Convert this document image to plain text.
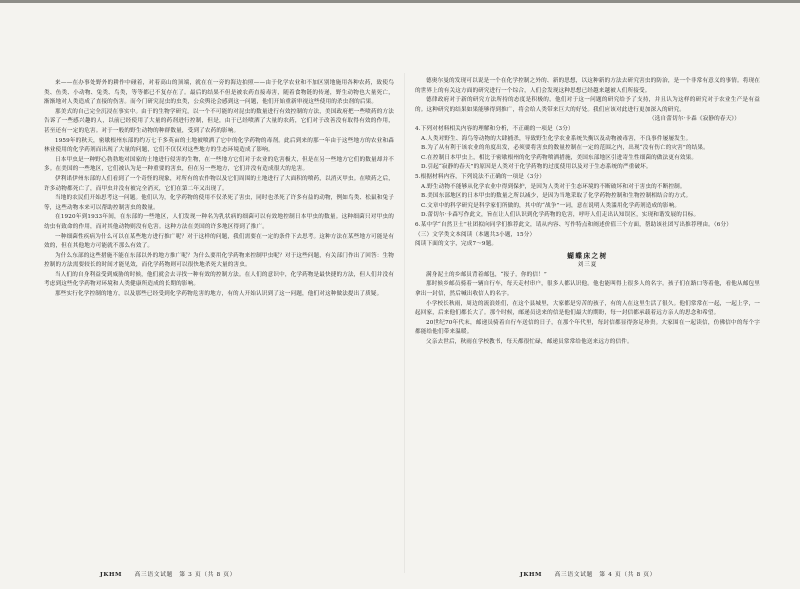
来——在办事处野外的耕作中碰着，对着高山的顶端，就在在一旁的海边拍照——由于化学农业和不加区别地施用各种农药，致使鸟类、鱼类、小动物、兔类、鸟类，等等都已不复存在了。最后的结果不但是被农药直接毒害，随着食物链的传递，野生动物也大量死亡，渐渐地对人类造成了直接的伤害。而今门研究昆虫的虫类，公众舆论会感到这一问题，他们开始重新审视这些使用的杀虫剂的后果。

那美式的自己完全沉浸在事实中。由于的生物学研究，以一个不可能的对昆虫的数量进行有效控制的方法，美国政府把一些喷药的方法告诉了一些感兴趣的人，以前已经使用了大量的药剂进行控制，但是，由于已经喷洒了大量的农药，它们对于改善没有取得有效的作用，甚至还有一定的危害。对于一般的野生动物的种群数量，受到了农药的影响。

1959年的秋天，密歇根州东部的约万七千多英亩的土地被喷洒了它中的化学药物的毒剂。此后到来的那一年由于这些地方的农业和森林业使用的化学药剂而出现了大量的问题，它们不仅仅对这些地方的生态环境造成了影响。

日本甲虫是一种野心勃勃地对国家的土地进行侵害的生物，在一些地方它们对于农业的危害极大，但是在另一些地方它们的数量却并不多。在美国的一些地区，它们被认为是一种重要的害虫，但在另一些地方，它们并没有造成很大的危害。

伊利诺伊州东部的人们看到了一个奇怪的现象，对所有的农作物以及它们周围的土地进行了大面积的喷药，以消灭甲虫。在喷药之后，许多动物都死亡了，而甲虫并没有被完全消灭，它们在第二年又出现了。

当地的农民们开始思考这一问题。他们认为，化学药物的使用不仅杀死了害虫，同时也杀死了许多有益的动物，例如鸟类、松鼠和兔子等，这些动物本来可以帮助控制害虫的数量。

在1920年到1933年间，在东部的一些地区，人们发现一种名为乳状病的细菌可以有效地控制日本甲虫的数量。这种细菌只对甲虫的幼虫有致命的作用，而对其他动物则没有危害。这种方法在美国的许多地区得到了推广。

一种细菌性疾病为什么可以在某些地方进行推广呢？对于这样的问题，我们需要在一定的条件下去思考。这种方法在某些地方可能是有效的，但在其他地方可能就不那么有效了。

为什么东部的这些措施不能在东部以外的地方推广呢？为什么要用化学药物来控制甲虫呢？对于这些问题，有关部门作出了回答：生物控制的方法需要较长的时间才能见效，而化学药物则可以很快地杀死大量的害虫。

当人们的自身利益受到威胁的时候，他们就会去寻找一种有效的控制方法。在人们的意识中，化学药物是最快捷的方法，但人们并没有考虑到这些化学药物对环境和人类健康所造成的长期的影响。

那些实行化学控制的地方，以及那些已经受到化学药物危害的地方，有的人开始认识到了这一问题，他们对这种做法提出了质疑。

德奥尔曼的发现可以说是一个在化学控制之外的、新的思想，以这种新的方法去研究害虫的防治，是一个非常有意义的事情。将现在的世界上的有关这方面的研究进行一个综合，人们会发现这种思想已经越来越被人们所接受。

德律政府对于新的研究方法所持的态度是积极的，他们对于这一问题的研究给予了支持，并且认为这样的研究对于农业生产是有益的。这种研究的结果如果能够得到推广，将会给人类带来巨大的好处。我们应该对此进行更加深入的研究。

（选自蕾切尔·卡森《寂静的春天》）

4.下列对材料相关内容的理解和分析，不正确的一项是（3分）

A.人类对野生、海鸟等动物的大肆捕杀，导致野生化学农业系统失衡以及动物被毒害，不良事件屡屡发生。

B.为了从有利于该农业的角度出发，必须要将害虫的数量控制在一定的范围之内，出现“没有伤亡的灾害”的结果。

C.在控制日本甲虫上，相比于密歇根州的化学药物喷洒措施，美国东部地区引进寄生性细菌的做法更有效果。

D.引起“寂静的春天”的原因是人类对于化学药物的过度使用以及对于生态系统的严重破坏。

5.根据材料内容，下列说法不正确的一项是（3分）

A.野生动物不能够从化学农业中得到保护，是因为人类对于生态环境的不断破坏和对于害虫的不断控制。

B.美国东部地区的日本甲虫的数量之所以减少，是因为当地采取了化学药物控制和生物控制相结合的方式。

C.文章中的科学研究是科学家们所做的，其中的“战争”一词，意在说明人类滥用化学药剂造成的影响。

D.蕾切尔·卡森写作此文，旨在让人们认识到化学药物的危害，呼吁人们走出认知误区，实现和谐发展的目标。

6.某中学“自然卫士”社团拟向同学们推荐此文，请从内容、写作特点和阐述价值三个方面，帮助该社团写出推荐理由。（6分）

（三）文学类文本阅读（本题共3小题，15分）

阅读下面的文字，完成7～9题。

蝴蝶床之树

刘三夏

满身泥土的乡邮员背着邮包，“报子，你的信！”

那时候乡邮员骑着一辆自行车，每天走村串户，很多人都认识他。他也能叫得上很多人的名字。孩子们在路口等着他，看他从邮包里拿出一封信，然后喊出收信人的名字。

小学校长秋雨，周边的流浪娃们，在这个县城里，大家都是穷苦的孩子，有的人在这里生活了很久。他们常常在一起，一起上学，一起回家，后来他们都长大了。那个时候，邮递员送来的信是他们最大的期盼，每一封信都承载着远方亲人的思念和希望。

20世纪70年代末，邮递员骑着自行车送信的日子，在那个年代里，每封信都显得弥足珍贵。大家围在一起读信，仿佛信中的每个字都能给他们带来温暖。

父亲去世后，秋雨在学校教书，每天都很忙碌，邮递员常常给他送来远方的信件。

JKHM 高三语文试题　第 3 页（共 8 页）	JKHM 高三语文试题　第 4 页（共 8 页）
